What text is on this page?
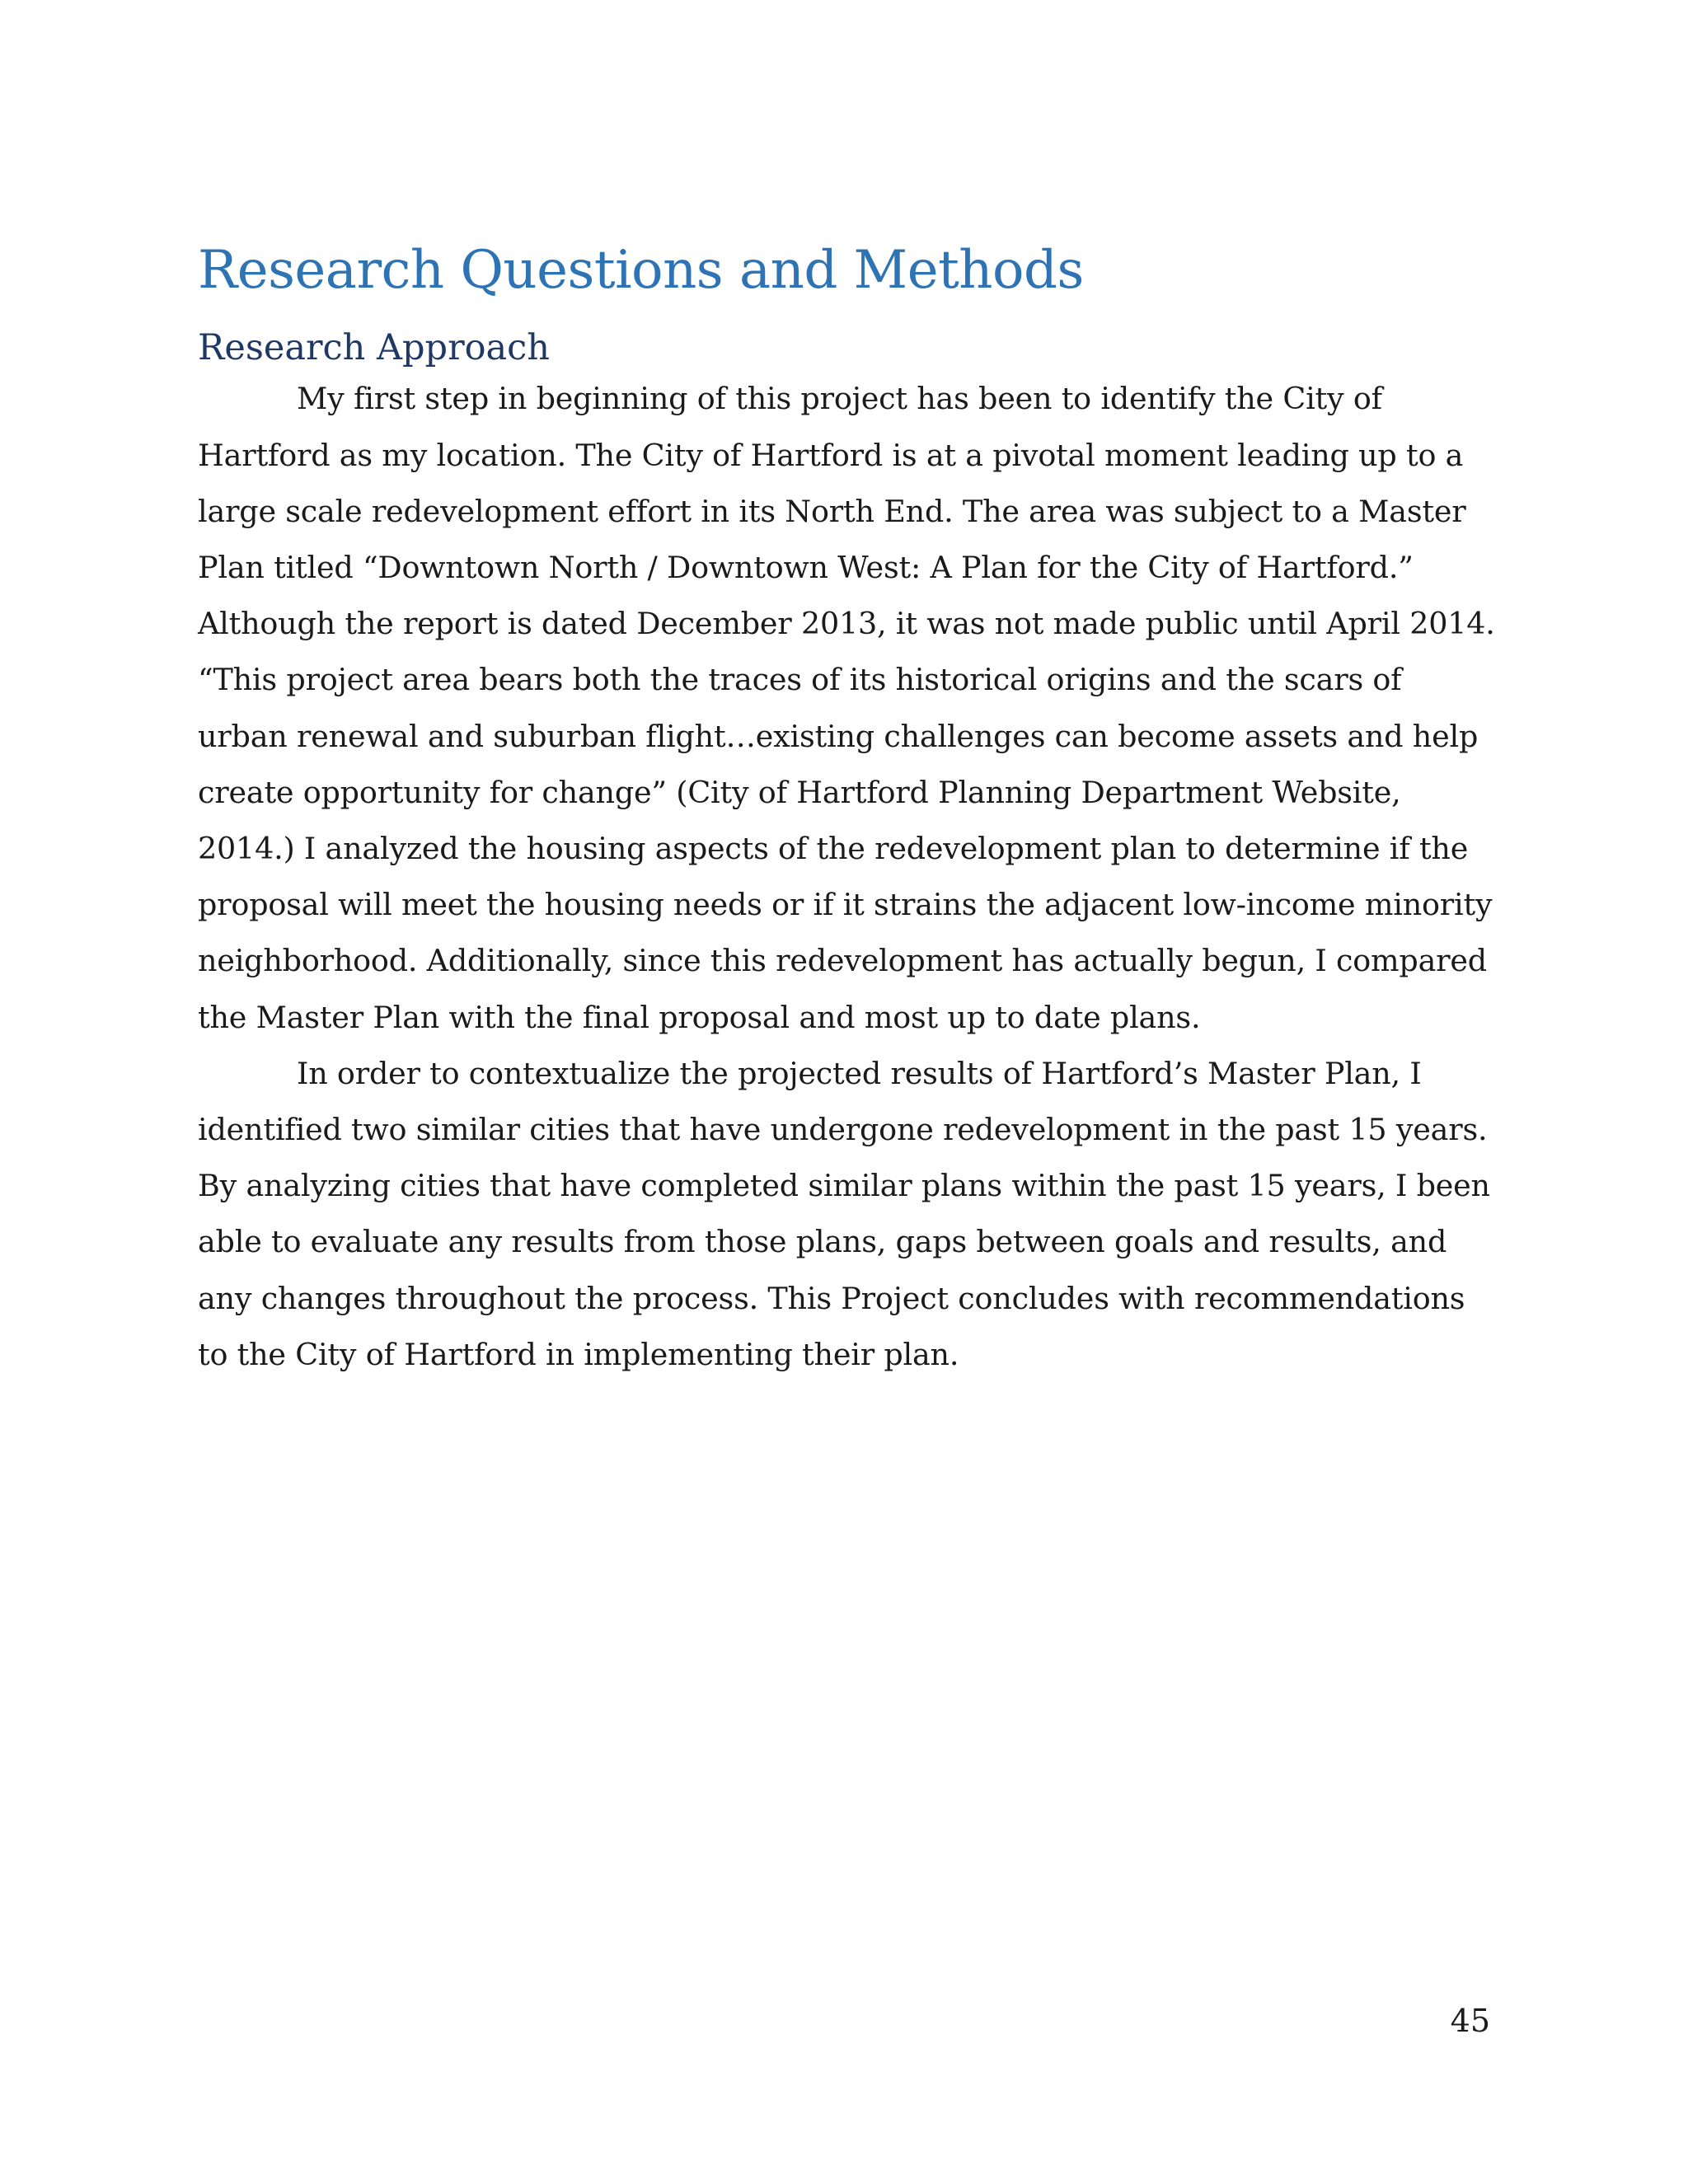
Research Questions and Methods
Research Approach

My first step in beginning of this project has been to identify the City of Hartford as my location. The City of Hartford is at a pivotal moment leading up to a large scale redevelopment effort in its North End. The area was subject to a Master Plan titled “Downtown North / Downtown West: A Plan for the City of Hartford.” Although the report is dated December 2013, it was not made public until April 2014. “This project area bears both the traces of its historical origins and the scars of urban renewal and suburban flight…existing challenges can become assets and help create opportunity for change” (City of Hartford Planning Department Website, 2014.) I analyzed the housing aspects of the redevelopment plan to determine if the proposal will meet the housing needs or if it strains the adjacent low-income minority neighborhood. Additionally, since this redevelopment has actually begun, I compared the Master Plan with the final proposal and most up to date plans.

In order to contextualize the projected results of Hartford’s Master Plan, I identified two similar cities that have undergone redevelopment in the past 15 years. By analyzing cities that have completed similar plans within the past 15 years, I been able to evaluate any results from those plans, gaps between goals and results, and any changes throughout the process. This Project concludes with recommendations to the City of Hartford in implementing their plan.

45
